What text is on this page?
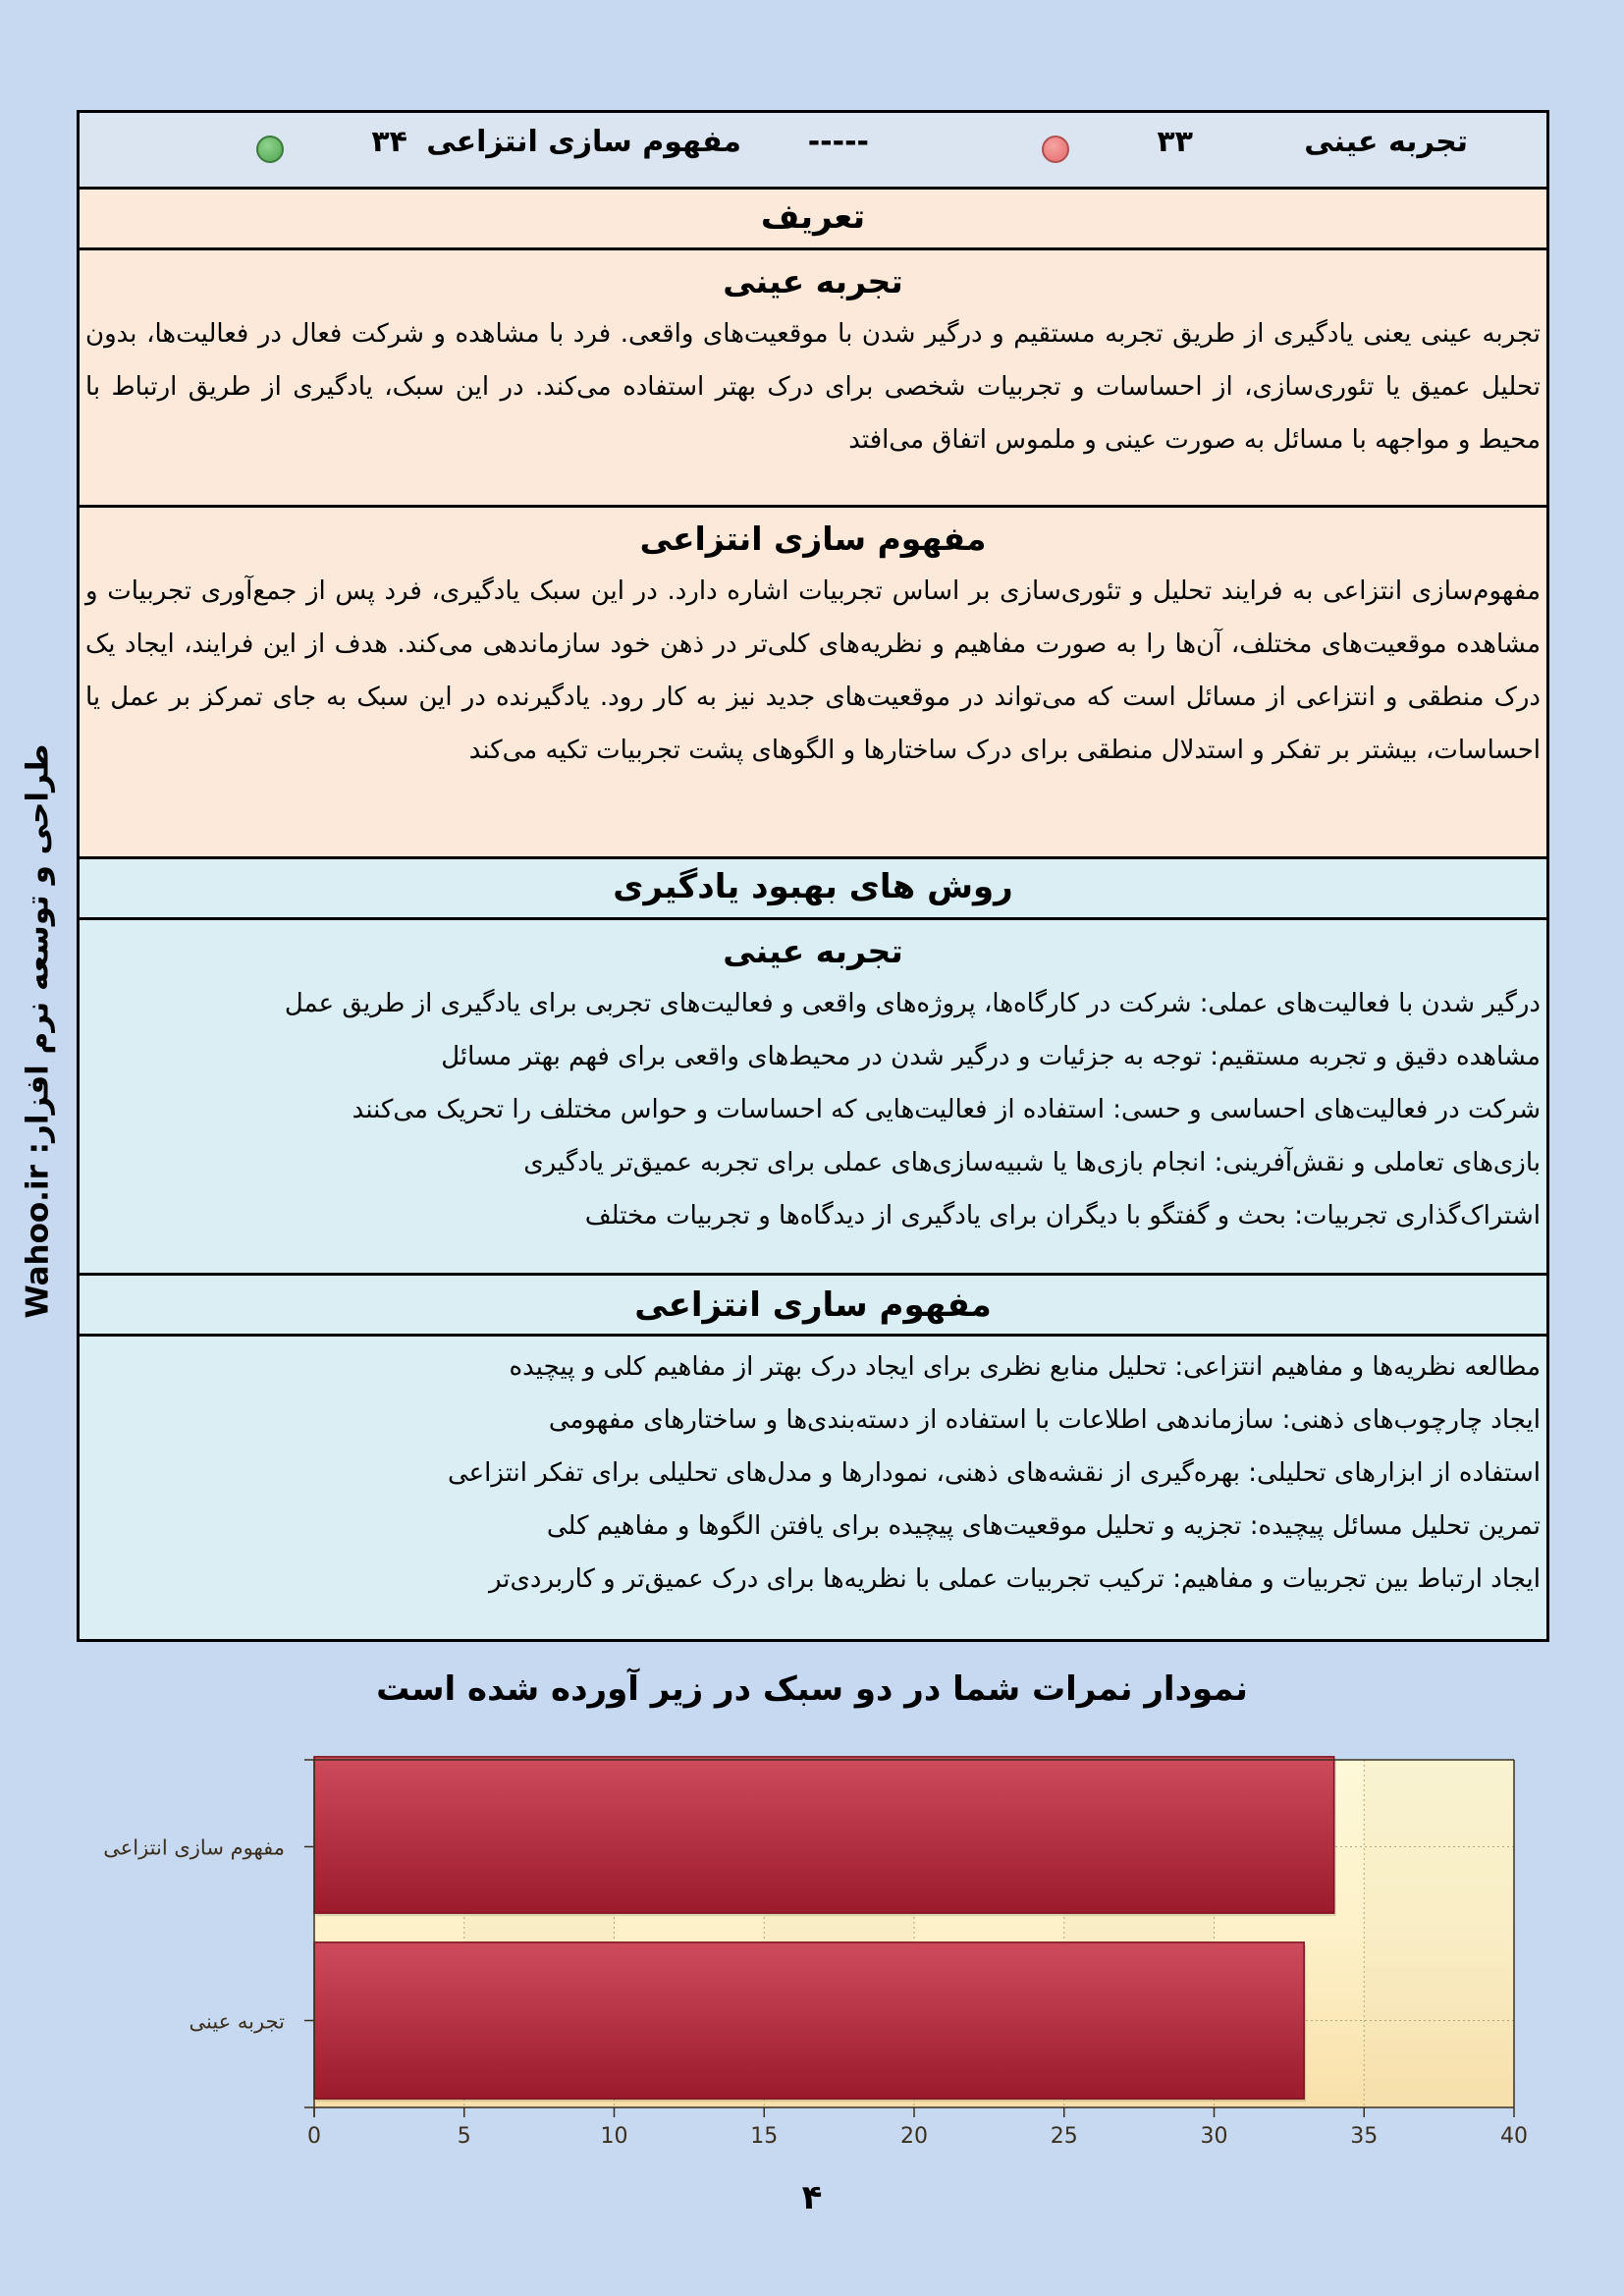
طراحی و توسعه نرم افزار: Wahoo.ir
تجربه عینی
۳۳
-----
مفهوم سازی انتزاعی
۳۴
تعریف
تجربه عینی
تجربه عینی یعنی یادگیری از طریق تجربه مستقیم و درگیر شدن با موقعیت‌های واقعی. فرد با مشاهده و شرکت فعال در فعالیت‌ها، بدون تحلیل عمیق یا تئوری‌سازی، از احساسات و تجربیات شخصی برای درک بهتر استفاده می‌کند. در این سبک، یادگیری از طریق ارتباط با محیط و مواجهه با مسائل به صورت عینی و ملموس اتفاق می‌افتد
مفهوم سازی انتزاعی
مفهوم‌سازی انتزاعی به فرایند تحلیل و تئوری‌سازی بر اساس تجربیات اشاره دارد. در این سبک یادگیری، فرد پس از جمع‌آوری تجربیات و مشاهده موقعیت‌های مختلف، آن‌ها را به صورت مفاهیم و نظریه‌های کلی‌تر در ذهن خود سازماندهی می‌کند. هدف از این فرایند، ایجاد یک درک منطقی و انتزاعی از مسائل است که می‌تواند در موقعیت‌های جدید نیز به کار رود. یادگیرنده در این سبک به جای تمرکز بر عمل یا احساسات، بیشتر بر تفکر و استدلال منطقی برای درک ساختارها و الگوهای پشت تجربیات تکیه می‌کند
روش های بهبود یادگیری
تجربه عینی
درگیر شدن با فعالیت‌های عملی: شرکت در کارگاه‌ها، پروژه‌های واقعی و فعالیت‌های تجربی برای یادگیری از طریق عمل
مشاهده دقیق و تجربه مستقیم: توجه به جزئیات و درگیر شدن در محیط‌های واقعی برای فهم بهتر مسائل
شرکت در فعالیت‌های احساسی و حسی: استفاده از فعالیت‌هایی که احساسات و حواس مختلف را تحریک می‌کنند
بازی‌های تعاملی و نقش‌آفرینی: انجام بازی‌ها یا شبیه‌سازی‌های عملی برای تجربه عمیق‌تر یادگیری
اشتراک‌گذاری تجربیات: بحث و گفتگو با دیگران برای یادگیری از دیدگاه‌ها و تجربیات مختلف
مفهوم ساری انتزاعی
مطالعه نظریه‌ها و مفاهیم انتزاعی: تحلیل منابع نظری برای ایجاد درک بهتر از مفاهیم کلی و پیچیده
ایجاد چارچوب‌های ذهنی: سازماندهی اطلاعات با استفاده از دسته‌بندی‌ها و ساختارهای مفهومی
استفاده از ابزارهای تحلیلی: بهره‌گیری از نقشه‌های ذهنی، نمودارها و مدل‌های تحلیلی برای تفکر انتزاعی
تمرین تحلیل مسائل پیچیده: تجزیه و تحلیل موقعیت‌های پیچیده برای یافتن الگوها و مفاهیم کلی
ایجاد ارتباط بین تجربیات و مفاهیم: ترکیب تجربیات عملی با نظریه‌ها برای درک عمیق‌تر و کاربردی‌تر
نمودار نمرات شما در دو سبک در زیر آورده شده است
0	5	10	15	20	25	30	35	40
مفهوم سازی انتزاعی
تجربه عینی
۴
